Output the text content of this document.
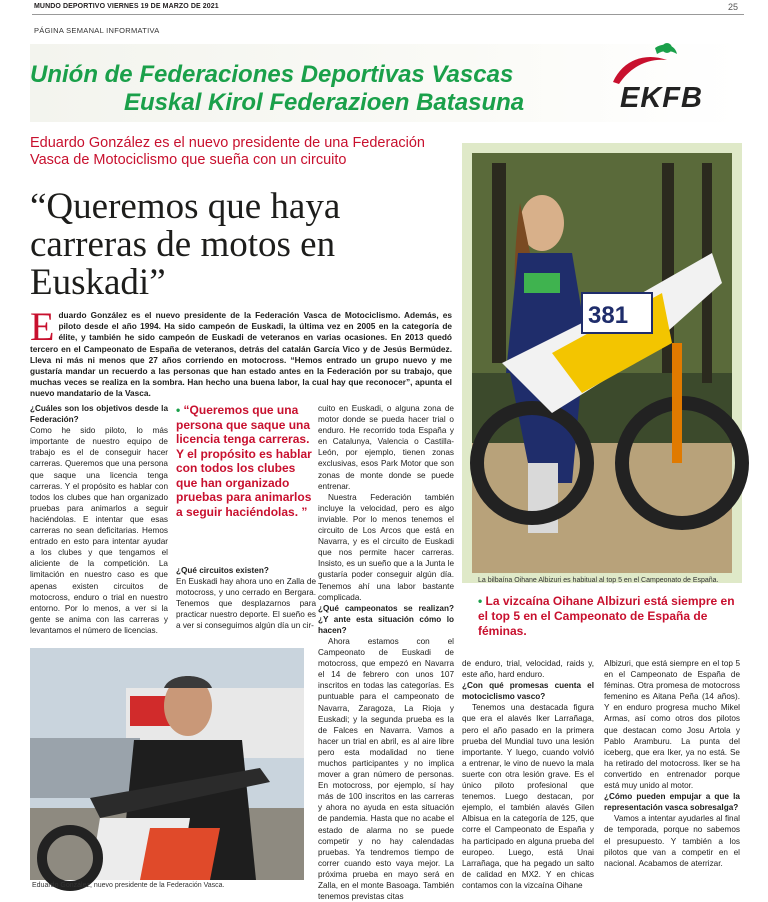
MUNDO DEPORTIVO VIERNES 19 DE MARZO DE 2021	25
PÁGINA SEMANAL INFORMATIVA
Unión de Federaciones Deportivas Vascas
Euskal Kirol Federazioen Batasuna	EKFB
Eduardo González es el nuevo presidente de una Federación Vasca de Motociclismo que sueña con un circuito
“Queremos que haya carreras de motos en Euskadi”
381
La bilbaína Oihane Albizuri es habitual al top 5 en el Campeonato de España.
• La vizcaína Oihane Albizuri está siempre en el top 5 en el Campeonato de España de féminas.
Eduardo González es el nuevo presidente de la Federación Vasca de Motociclismo. Además, es piloto desde el año 1994. Ha sido campeón de Euskadi, la última vez en 2005 en la categoría de élite, y también he sido campeón de Euskadi de veteranos en varias ocasiones. En 2013 quedó tercero en el Campeonato de España de veteranos, detrás del catalán García Vico y de Jesús Bermúdez. Lleva ni más ni menos que 27 años corriendo en motocross. “Hemos entrado un grupo nuevo y me gustaría mandar un recuerdo a las personas que han estado antes en la Federación por su trabajo, que muchas veces se realiza en la sombra. Han hecho una buena labor, la cual hay que reconocer”, apunta el nuevo mandatario de la Vasca.
¿Cuáles son los objetivos desde la Federación?
Como he sido piloto, lo más importante de nuestro equipo de trabajo es el de conseguir hacer carreras. Queremos que una persona que saque una licencia tenga carreras. Y el propósito es hablar con todos los clubes que han organizado pruebas para animarlos a seguir haciéndolas. E intentar que esas carreras no sean deficitarias. Hemos entrado en esto para intentar ayudar a los clubes y que tengamos el aliciente de la competición. La limitación en nuestro caso es que apenas existen circuitos de motocross, enduro o trial en nuestro entorno. Por lo menos, a ver si la gente se anima con las carreras y levantamos el número de licencias.
• “Queremos que una persona que saque una licencia tenga carreras. Y el propósito es hablar con todos los clubes que han organizado pruebas para animarlos a seguir haciéndolas. ”
¿Qué circuitos existen?
En Euskadi hay ahora uno en Zalla de motocross, y uno cerrado en Bergara. Tenemos que desplazarnos para practicar nuestro deporte. El sueño es a ver si conseguimos algún día un cir-
cuito en Euskadi, o alguna zona de motor donde se pueda hacer trial o enduro. He recorrido toda España y en Catalunya, Valencia o Castilla-León, por ejemplo, tienen zonas exclusivas, esos Park Motor que son zonas de monte donde se puede entrenar.
Nuestra Federación también incluye la velocidad, pero es algo inviable. Por lo menos tenemos el circuito de Los Arcos que está en Navarra, y es el circuito de Euskadi que nos permite hacer carreras. Insisto, es un sueño que a la Junta le gustaría poder conseguir algún día. Tenemos ahí una labor bastante complicada.
¿Qué campeonatos se realizan? ¿Y ante esta situación cómo lo hacen?
Ahora estamos con el Campeonato de Euskadi de motocross, que empezó en Navarra el 14 de febrero con unos 107 inscritos en todas las categorías. Es puntuable para el campeonato de Navarra, Zaragoza, La Rioja y Euskadi; y la segunda prueba es la de Falces en Navarra. Vamos a hacer un trial en abril, es al aire libre pero esta modalidad no tiene muchos participantes y no implica mover a gran número de personas. En motocross, por ejemplo, sí hay más de 100 inscritos en las carreras y ahora no ayuda en esta situación de pandemia. Hasta que no acabe el estado de alarma no se puede competir y no hay calendadas pruebas. Ya tendremos tiempo de correr cuando esto vaya mejor. La próxima prueba en mayo será en Zalla, en el monte Basoaga. También tenemos previstas citas
de enduro, trial, velocidad, raids y, este año, hard enduro.
¿Con qué promesas cuenta el motociclismo vasco?
Tenemos una destacada figura que era el alavés Iker Larrañaga, pero el año pasado en la primera prueba del Mundial tuvo una lesión importante. Y luego, cuando volvió a entrenar, le vino de nuevo la mala suerte con otra lesión grave. Es el único piloto profesional que tenemos. Luego destacan, por ejemplo, el también alavés Gilen Albisua en la categoría de 125, que corre el Campeonato de España y ha participado en alguna prueba del europeo. Luego, está Unai Larrañaga, que ha pegado un salto de calidad en MX2. Y en chicas contamos con la vizcaína Oihane
Albizuri, que está siempre en el top 5 en el Campeonato de España de féminas. Otra promesa de motocross femenino es Aitana Peña (14 años). Y en enduro progresa mucho Mikel Armas, así como otros dos pilotos que destacan como Josu Artola y Pablo Aramburu. La punta del iceberg, que era Iker, ya no está. Se ha retirado del motocross. Iker se ha convertido en entrenador porque está muy unido al motor.
¿Cómo pueden empujar a que la representación vasca sobresalga?
Vamos a intentar ayudarles al final de temporada, porque no sabemos el presupuesto. Y también a los pilotos que van a competir en el nacional. Acabamos de aterrizar.
Eduardo González, nuevo presidente de la Federación Vasca.
